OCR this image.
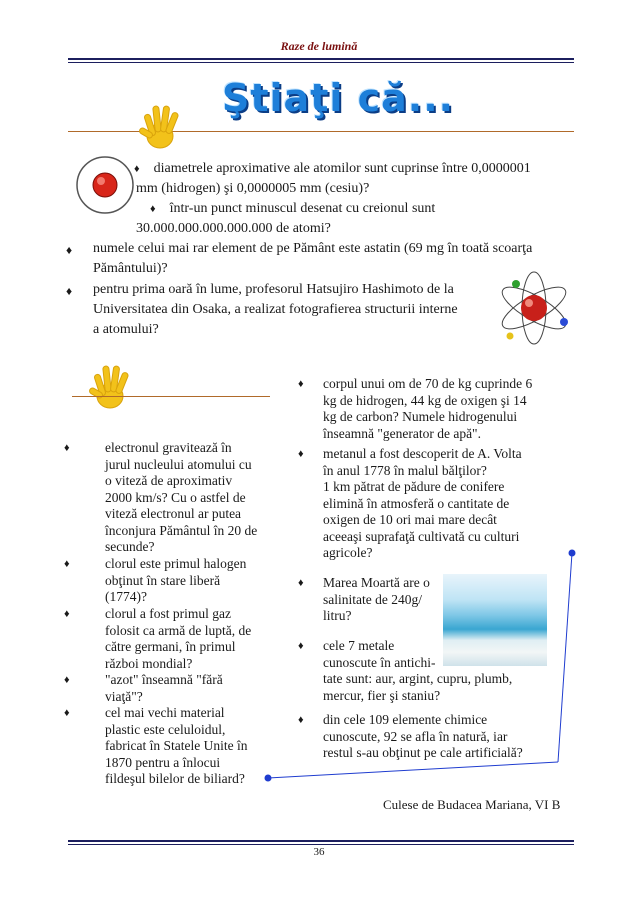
Raze de lumină
Ştiaţi că...
♦ diametrele aproximative ale atomilor sunt cuprinse între 0,0000001
mm (hidrogen) şi 0,0000005 mm (cesiu)?
♦ într-un punct minuscul desenat cu creionul sunt
30.000.000.000.000.000 de atomi?
♦ numele celui mai rar element de pe Pământ este astatin (69 mg în toată scoarţa
Pământului)?
♦ pentru prima oară în lume, profesorul Hatsujiro Hashimoto de la
Universitatea din Osaka, a realizat fotografierea structurii interne
a atomului?
♦	electronul gravitează în
jurul nucleului atomului cu
o viteză de aproximativ
2000 km/s? Cu o astfel de
viteză electronul ar putea
înconjura Pământul în 20 de
secunde?
♦	clorul este primul halogen
obţinut în stare liberă
(1774)?
♦	clorul a fost primul gaz
folosit ca armă de luptă, de
către germani, în primul
război mondial?
♦	"azot" înseamnă "fără
viaţă"?
♦	cel mai vechi material
plastic este celuloidul,
fabricat în Statele Unite în
1870 pentru a înlocui
fildeşul bilelor de biliard?
♦ corpul unui om de 70 de kg cuprinde 6
kg de hidrogen, 44 kg de oxigen şi 14
kg de carbon? Numele hidrogenului
înseamnă "generator de apă".
♦ metanul a fost descoperit de A. Volta
în anul 1778 în malul bălţilor?
1 km pătrat de pădure de conifere
elimină în atmosferă o cantitate de
oxigen de 10 ori mai mare decât
aceeaşi suprafaţă cultivată cu culturi
agricole?
♦ Marea Moartă are o
salinitate de 240g/
litru?
♦ cele 7 metale
cunoscute în antichi-
tate sunt: aur, argint, cupru, plumb,
mercur, fier şi staniu?
♦ din cele 109 elemente chimice
cunoscute, 92 se afla în natură, iar
restul s-au obţinut pe cale artificială?
Culese de Budacea Mariana, VI B
36
